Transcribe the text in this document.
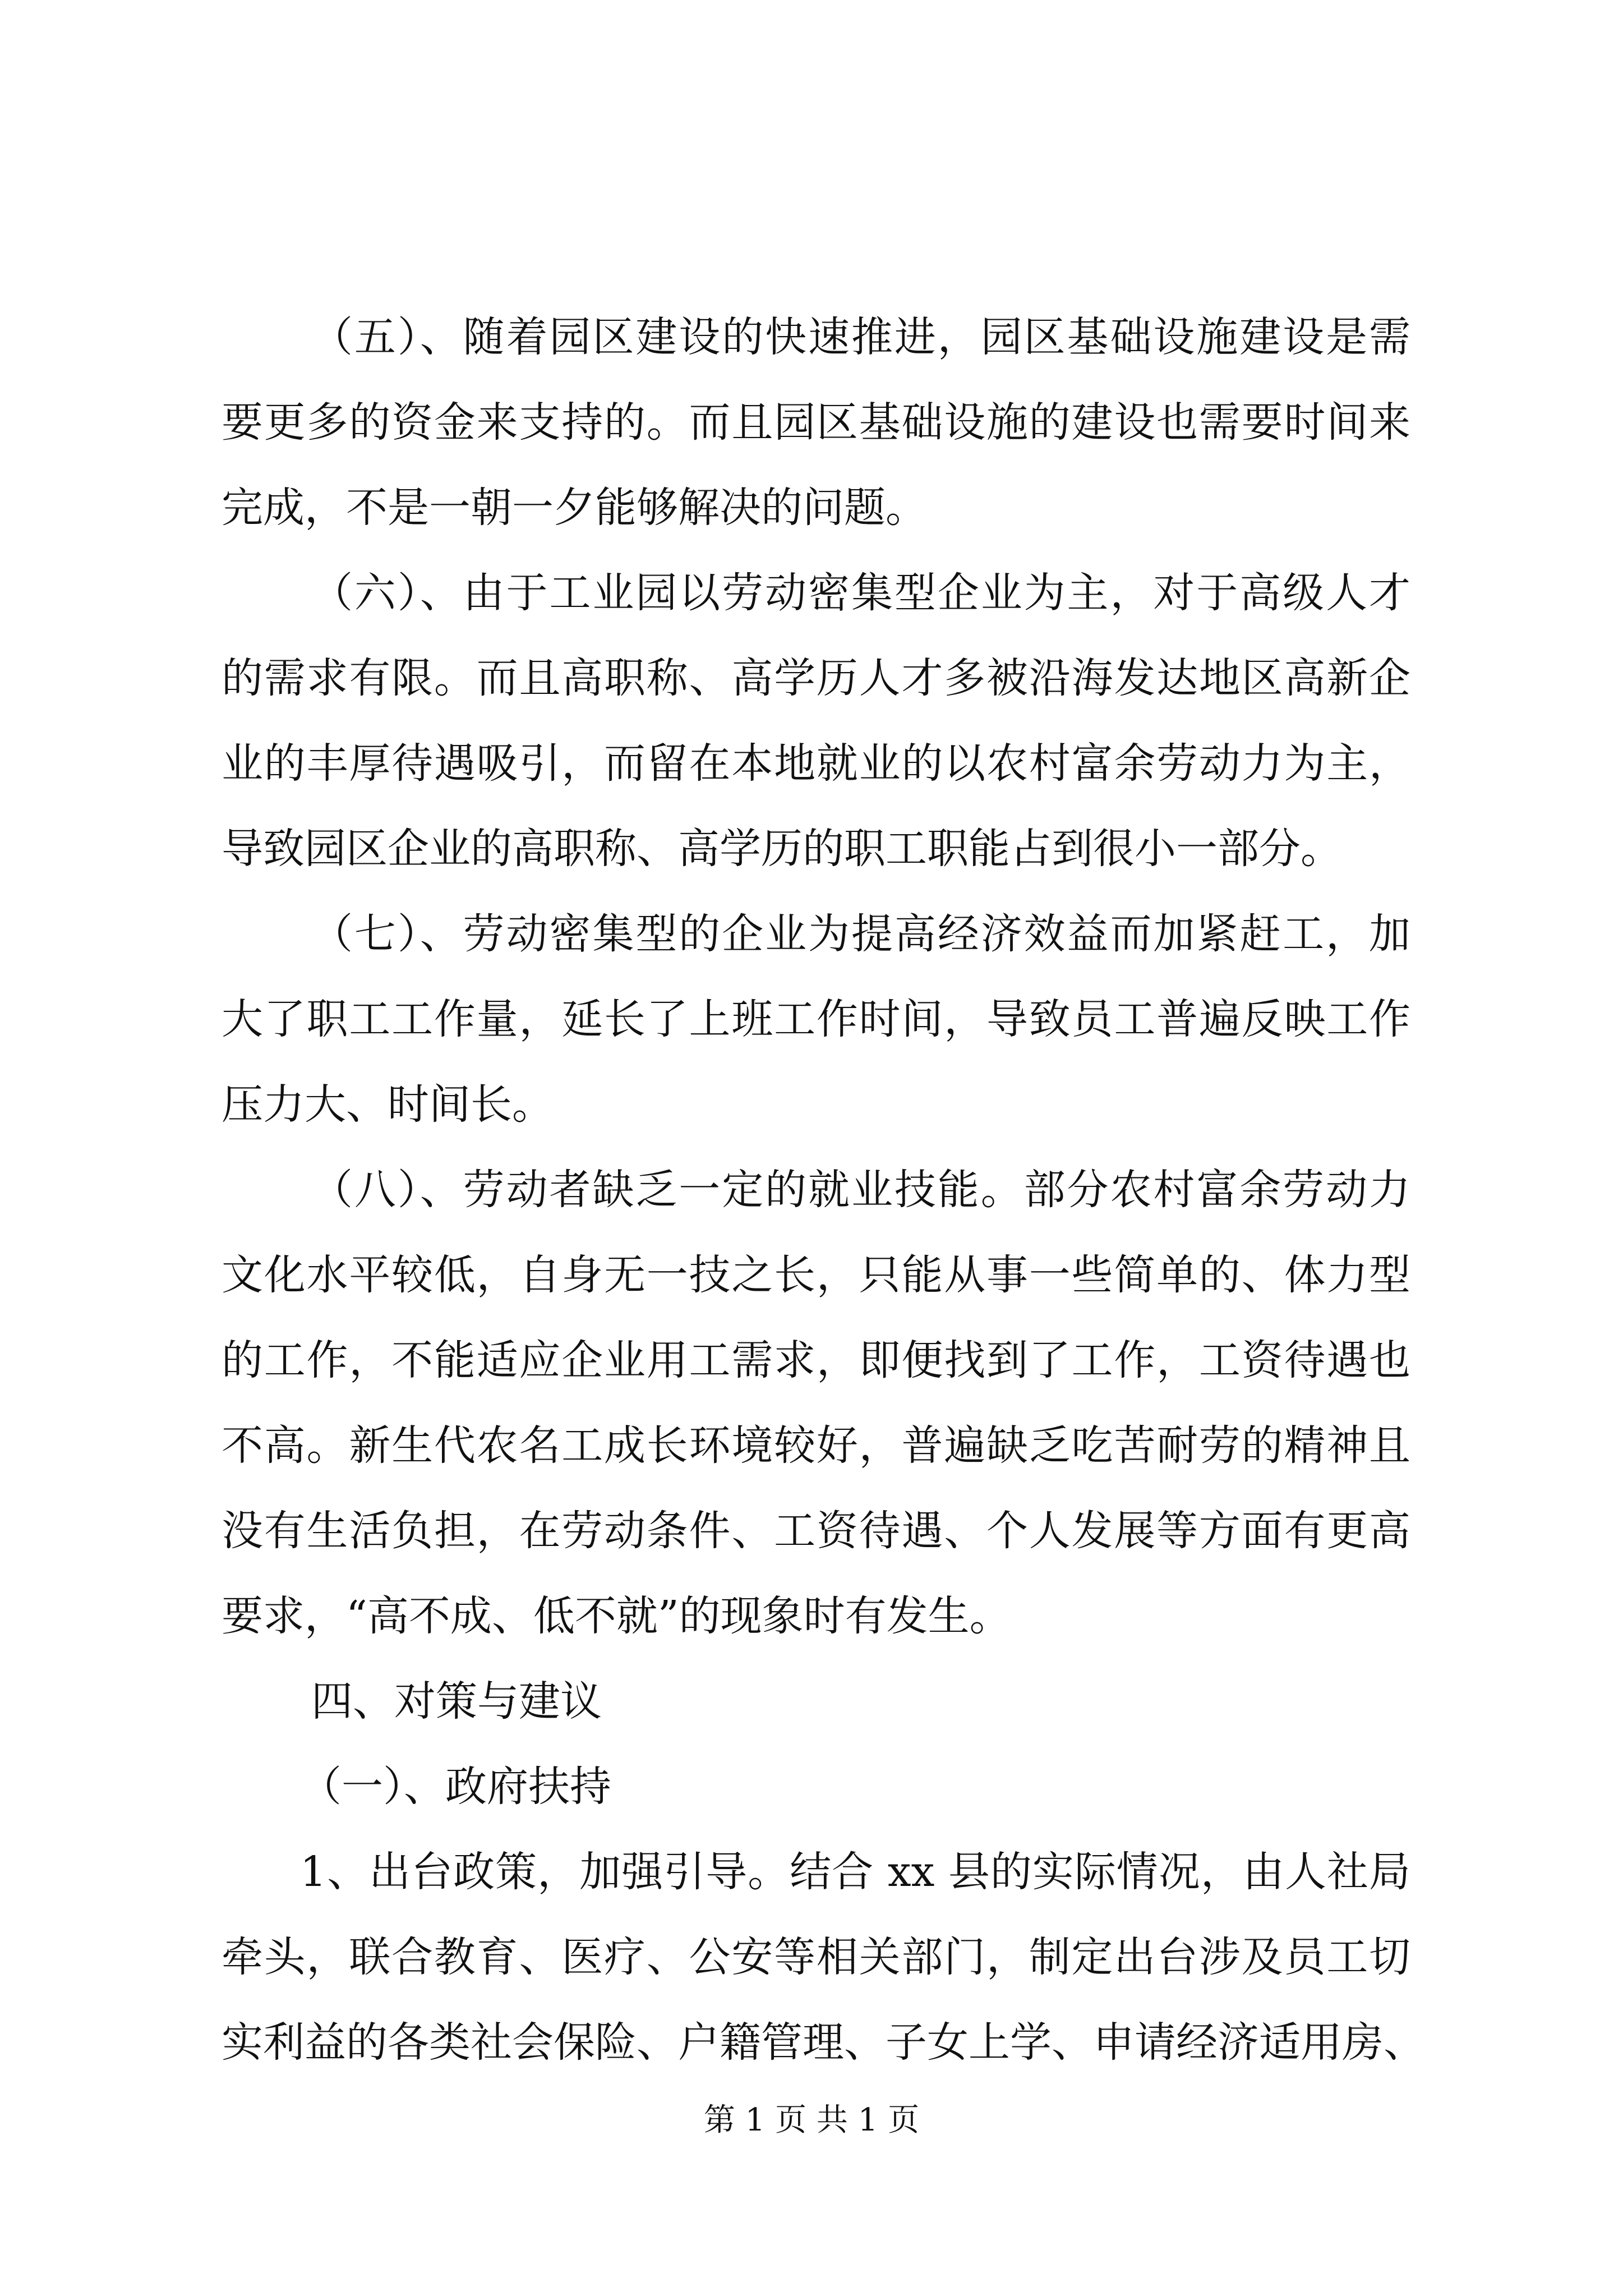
（五）、随着园区建设的快速推进，园区基础设施建设是需
要更多的资金来支持的。而且园区基础设施的建设也需要时间来
完成，不是一朝一夕能够解决的问题。
（六）、由于工业园以劳动密集型企业为主，对于高级人才
的需求有限。而且高职称、高学历人才多被沿海发达地区高新企
业的丰厚待遇吸引，而留在本地就业的以农村富余劳动力为主，
导致园区企业的高职称、高学历的职工职能占到很小一部分。
（七）、劳动密集型的企业为提高经济效益而加紧赶工，加
大了职工工作量，延长了上班工作时间，导致员工普遍反映工作
压力大、时间长。
（八）、劳动者缺乏一定的就业技能。部分农村富余劳动力
文化水平较低，自身无一技之长，只能从事一些简单的、体力型
的工作，不能适应企业用工需求，即便找到了工作，工资待遇也
不高。新生代农名工成长环境较好，普遍缺乏吃苦耐劳的精神且
没有生活负担，在劳动条件、工资待遇、个人发展等方面有更高
要求，“高不成、低不就”的现象时有发生。
四、对策与建议
（一）、政府扶持
1、出台政策，加强引导。结合 xx 县的实际情况，由人社局
牵头，联合教育、医疗、公安等相关部门，制定出台涉及员工切
实利益的各类社会保险、户籍管理、子女上学、申请经济适用房、
第 1 页 共 1 页
